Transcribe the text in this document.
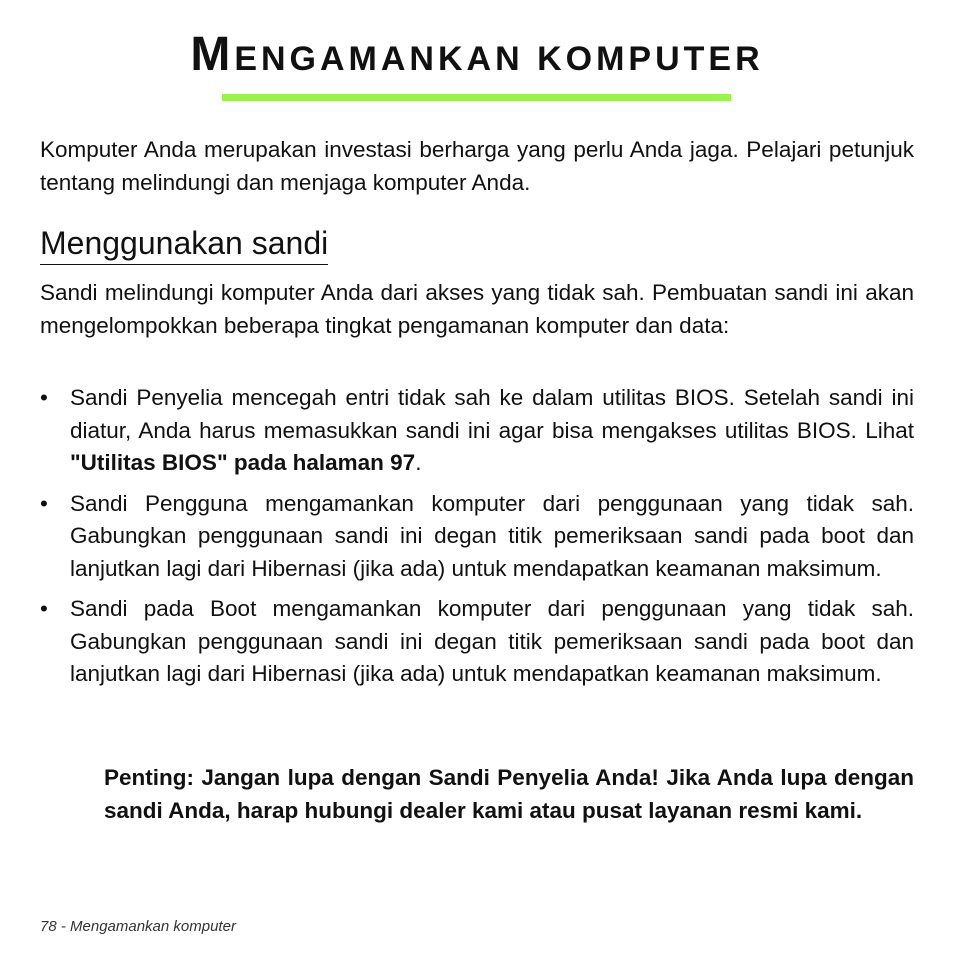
MENGAMANKAN KOMPUTER

Komputer Anda merupakan investasi berharga yang perlu Anda jaga. Pelajari petunjuk tentang melindungi dan menjaga komputer Anda.

Menggunakan sandi

Sandi melindungi komputer Anda dari akses yang tidak sah. Pembuatan sandi ini akan mengelompokkan beberapa tingkat pengamanan komputer dan data:

• Sandi Penyelia mencegah entri tidak sah ke dalam utilitas BIOS. Setelah sandi ini diatur, Anda harus memasukkan sandi ini agar bisa mengakses utilitas BIOS. Lihat "Utilitas BIOS" pada halaman 97.
• Sandi Pengguna mengamankan komputer dari penggunaan yang tidak sah. Gabungkan penggunaan sandi ini degan titik pemeriksaan sandi pada boot dan lanjutkan lagi dari Hibernasi (jika ada) untuk mendapatkan keamanan maksimum.
• Sandi pada Boot mengamankan komputer dari penggunaan yang tidak sah. Gabungkan penggunaan sandi ini degan titik pemeriksaan sandi pada boot dan lanjutkan lagi dari Hibernasi (jika ada) untuk mendapatkan keamanan maksimum.

Penting: Jangan lupa dengan Sandi Penyelia Anda! Jika Anda lupa dengan sandi Anda, harap hubungi dealer kami atau pusat layanan resmi kami.

78 - Mengamankan komputer
